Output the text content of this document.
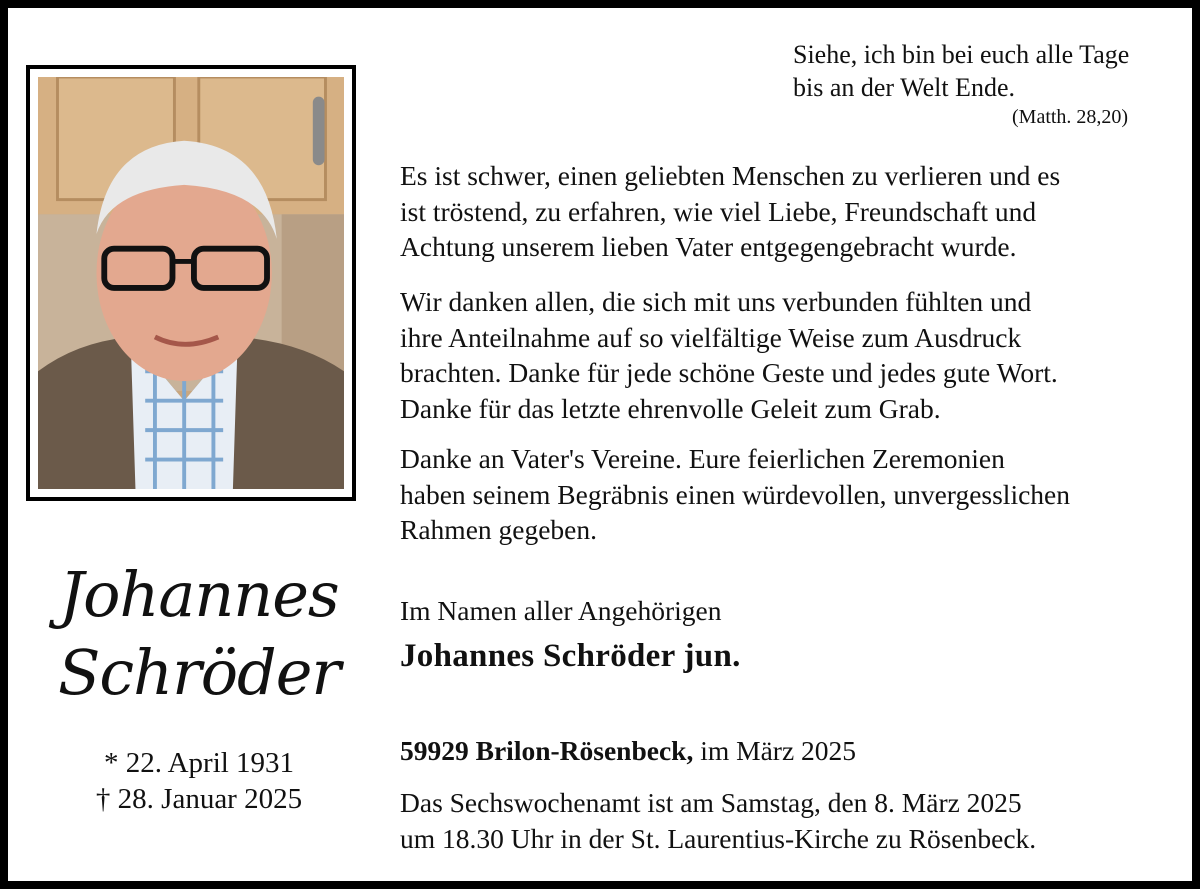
Johannes
Schröder
* 22. April 1931
† 28. Januar 2025
Siehe, ich bin bei euch alle Tage
bis an der Welt Ende.
(Matth. 28,20)
Es ist schwer, einen geliebten Menschen zu verlieren und es
ist tröstend, zu erfahren, wie viel Liebe, Freundschaft und
Achtung unserem lieben Vater entgegengebracht wurde.
Wir danken allen, die sich mit uns verbunden fühlten und
ihre Anteilnahme auf so vielfältige Weise zum Ausdruck
brachten. Danke für jede schöne Geste und jedes gute Wort.
Danke für das letzte ehrenvolle Geleit zum Grab.
Danke an Vater's Vereine. Eure feierlichen Zeremonien
haben seinem Begräbnis einen würdevollen, unvergesslichen
Rahmen gegeben.
Im Namen aller Angehörigen
Johannes Schröder jun.
59929 Brilon-Rösenbeck, im März 2025
Das Sechswochenamt ist am Samstag, den 8. März 2025
um 18.30 Uhr in der St. Laurentius-Kirche zu Rösenbeck.
